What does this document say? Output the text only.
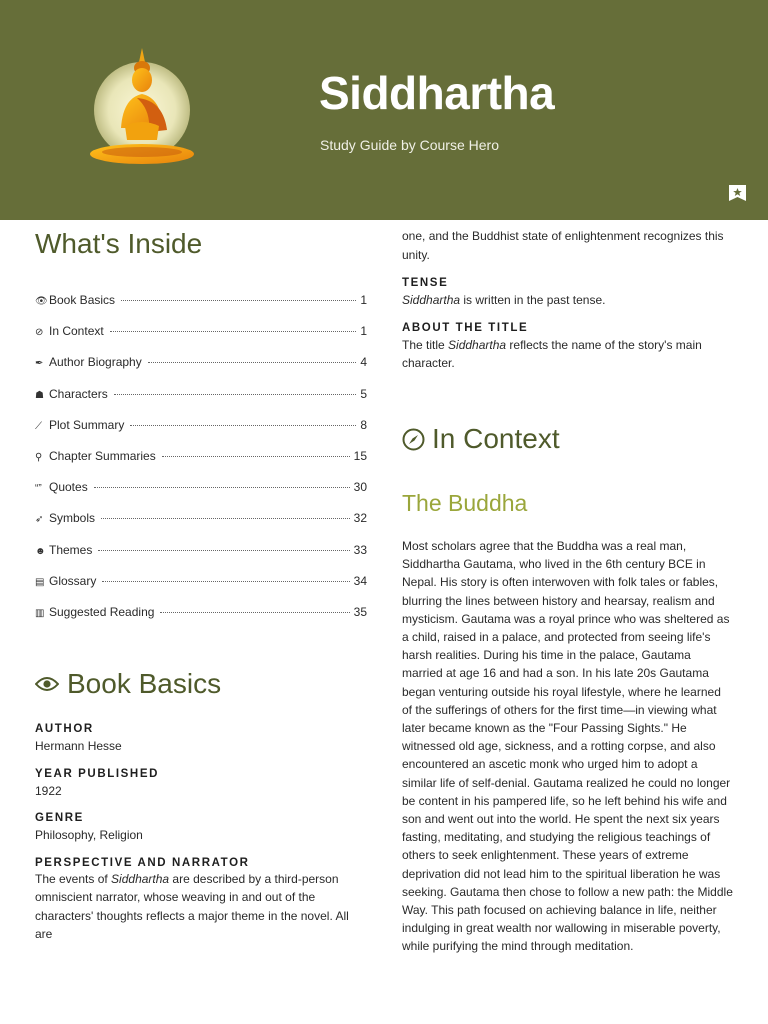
Siddhartha
Study Guide by Course Hero
What's Inside
👁 Book Basics	1
⊘ In Context	1
✒ Author Biography	4
☗ Characters	5
⟋ Plot Summary	8
⚲ Chapter Summaries	15
“” Quotes	30
➶ Symbols	32
☻ Themes	33
▤ Glossary	34
▥ Suggested Reading	35
Book Basics
AUTHOR
Hermann Hesse
YEAR PUBLISHED
1922
GENRE
Philosophy, Religion
PERSPECTIVE AND NARRATOR
The events of Siddhartha are described by a third-person omniscient narrator, whose weaving in and out of the characters' thoughts reflects a major theme in the novel. All are
one, and the Buddhist state of enlightenment recognizes this unity.
TENSE
Siddhartha is written in the past tense.
ABOUT THE TITLE
The title Siddhartha reflects the name of the story's main character.
In Context
The Buddha

Most scholars agree that the Buddha was a real man, Siddhartha Gautama, who lived in the 6th century BCE in Nepal. His story is often interwoven with folk tales or fables, blurring the lines between history and hearsay, realism and mysticism. Gautama was a royal prince who was sheltered as a child, raised in a palace, and protected from seeing life's harsh realities. During his time in the palace, Gautama married at age 16 and had a son. In his late 20s Gautama began venturing outside his royal lifestyle, where he learned of the sufferings of others for the first time—in viewing what later became known as the "Four Passing Sights." He witnessed old age, sickness, and a rotting corpse, and also encountered an ascetic monk who urged him to adopt a similar life of self-denial. Gautama realized he could no longer be content in his pampered life, so he left behind his wife and son and went out into the world. He spent the next six years fasting, meditating, and studying the religious teachings of others to seek enlightenment. These years of extreme deprivation did not lead him to the spiritual liberation he was seeking. Gautama then chose to follow a new path: the Middle Way. This path focused on achieving balance in life, neither indulging in great wealth nor wallowing in miserable poverty, while purifying the mind through meditation.
